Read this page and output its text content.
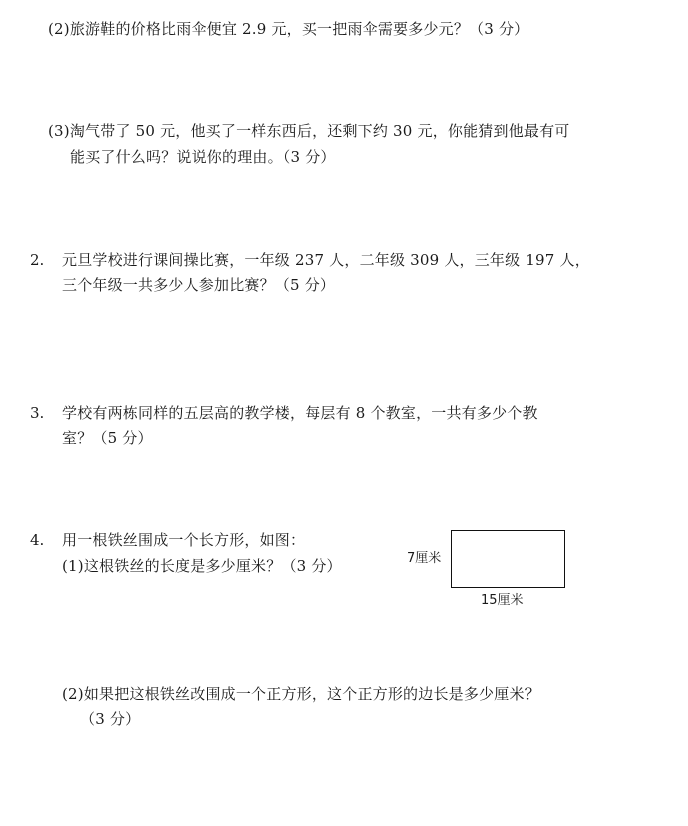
(2)旅游鞋的价格比雨伞便宜 2.9 元，买一把雨伞需要多少元？（3 分）
(3)淘气带了 50 元，他买了一样东西后，还剩下约 30 元，你能猜到他最有可
能买了什么吗？说说你的理由。（3 分）
2. 元旦学校进行课间操比赛，一年级 237 人，二年级 309 人，三年级 197 人，
三个年级一共多少人参加比赛？（5 分）
3. 学校有两栋同样的五层高的教学楼，每层有 8 个教室，一共有多少个教
室？（5 分）
4. 用一根铁丝围成一个长方形，如图：
(1)这根铁丝的长度是多少厘米？（3 分）	7厘米
15厘米
(2)如果把这根铁丝改围成一个正方形，这个正方形的边长是多少厘米？
（3 分）
